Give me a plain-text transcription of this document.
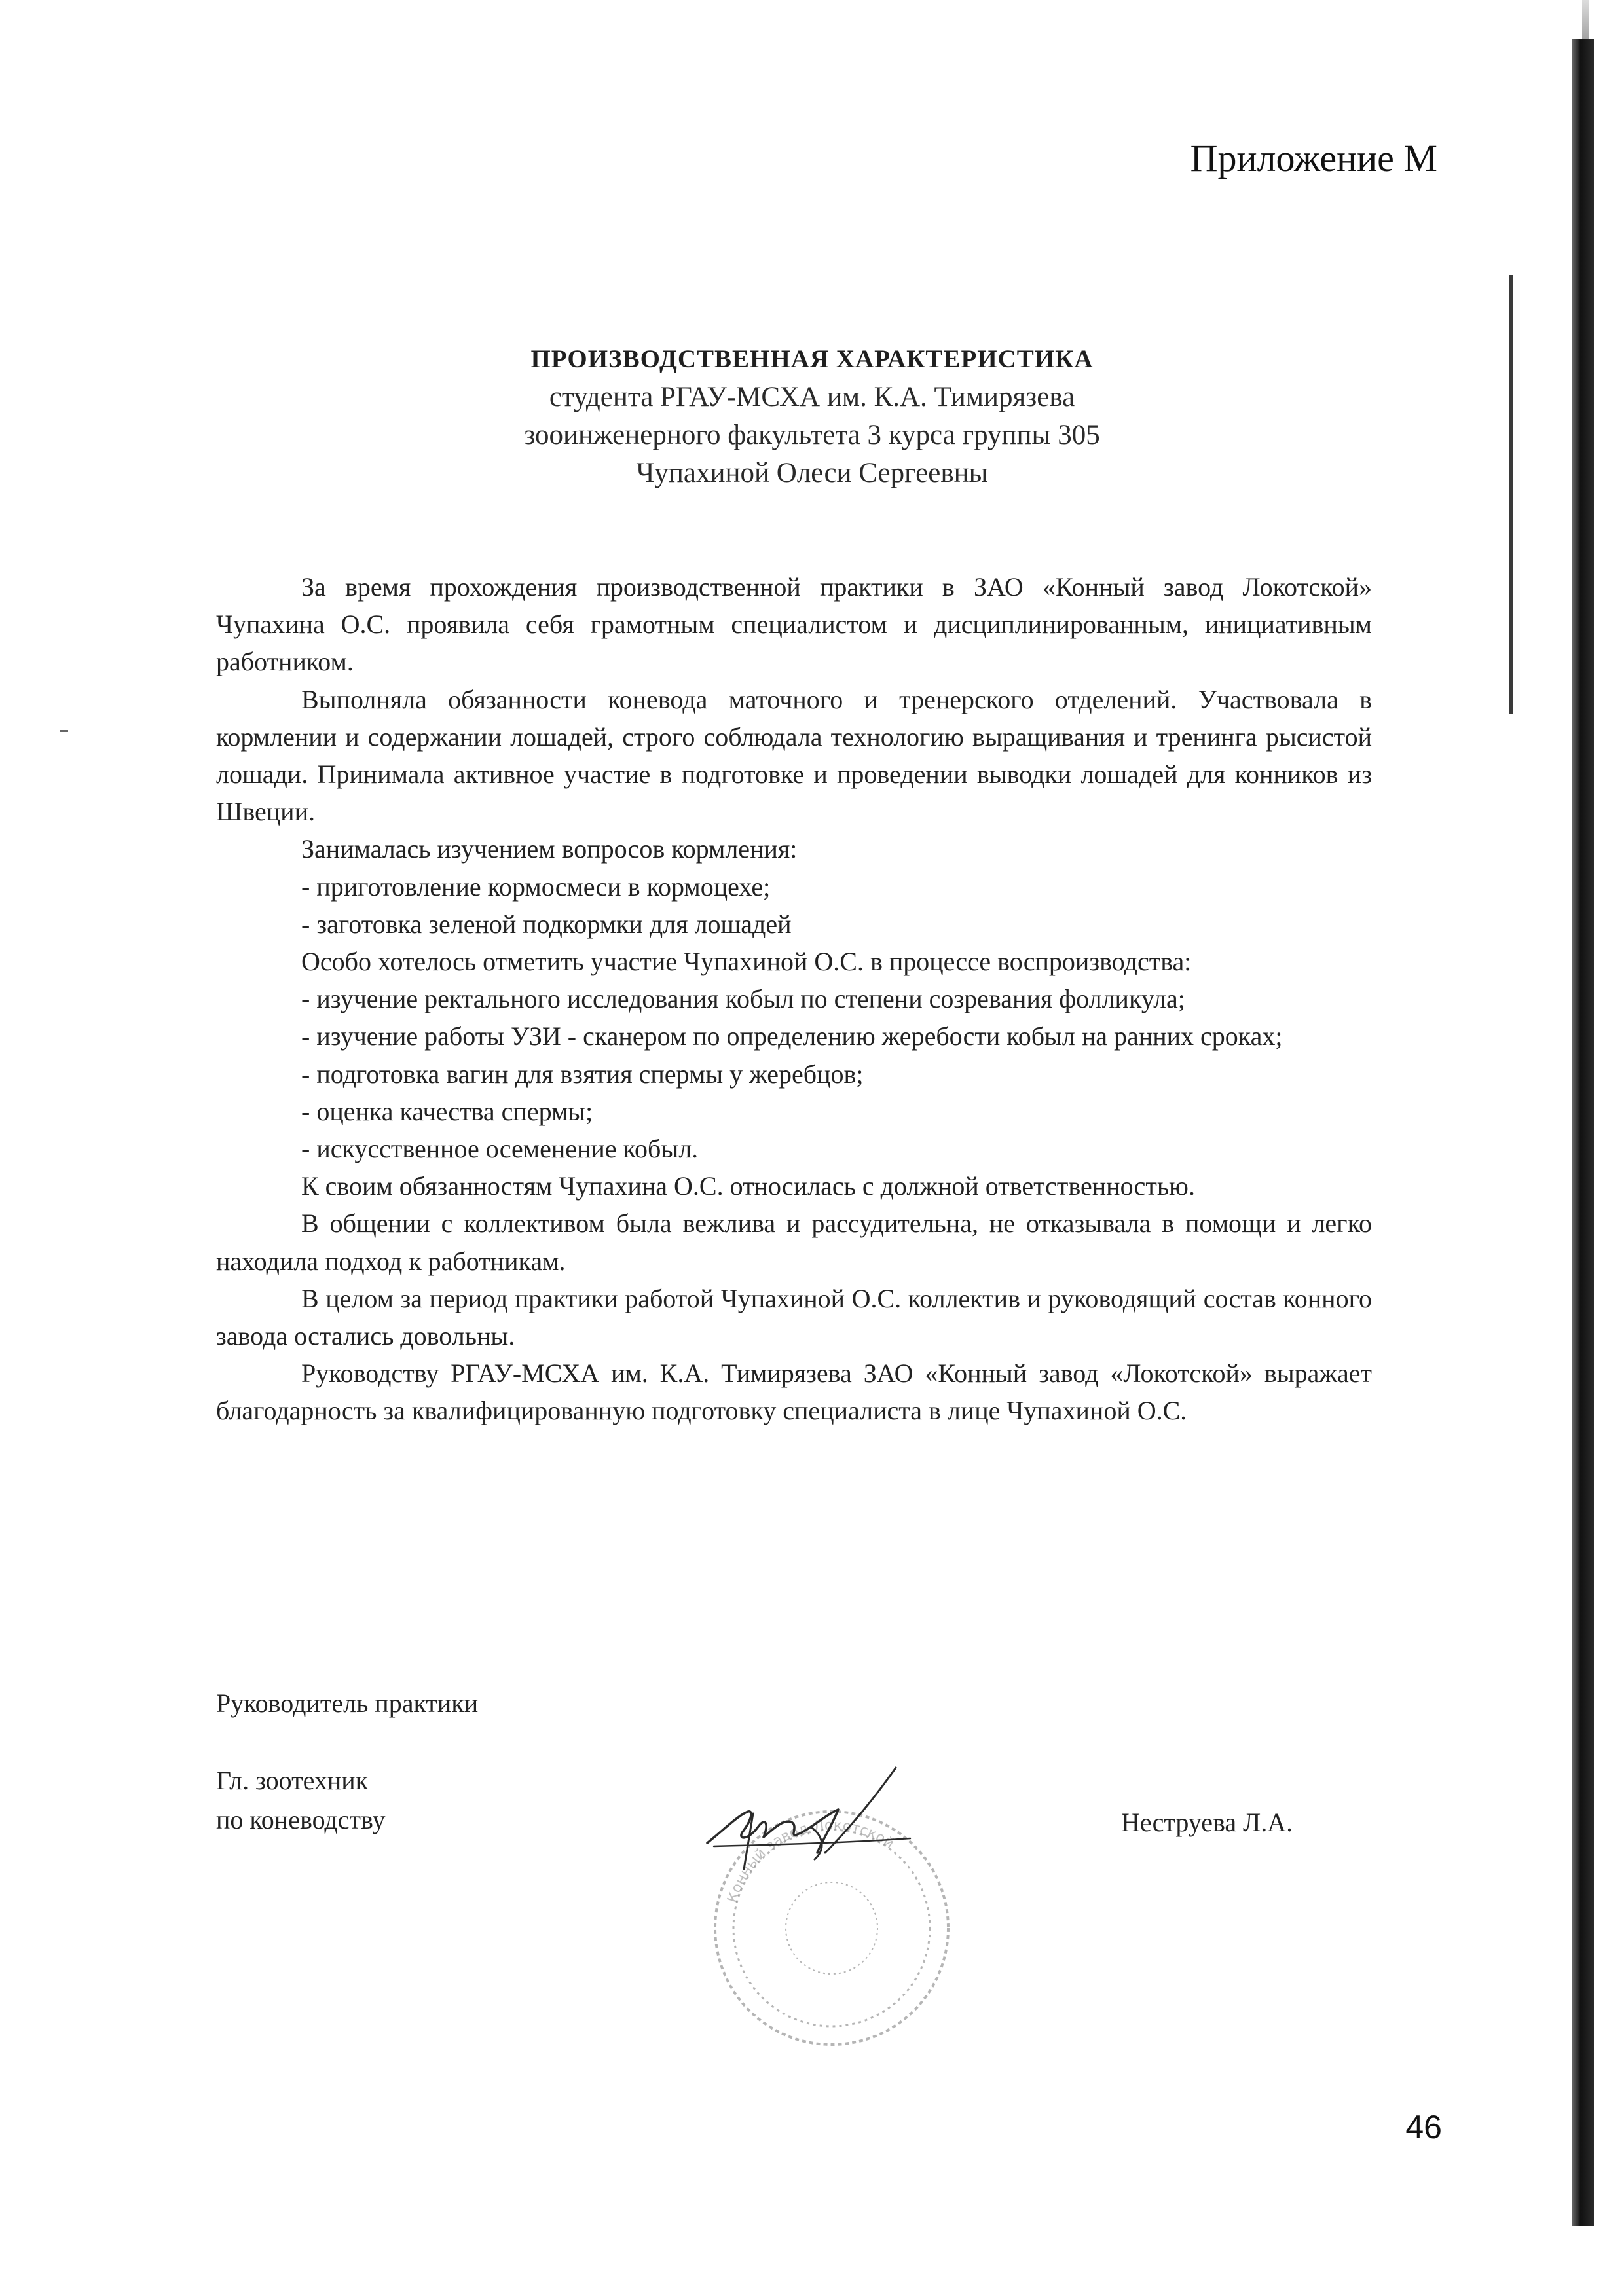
Приложение М
ПРОИЗВОДСТВЕННАЯ ХАРАКТЕРИСТИКА
студента РГАУ-МСХА им. К.А. Тимирязева
зооинженерного факультета 3 курса группы 305
Чупахиной Олеси Сергеевны

За время прохождения производственной практики в ЗАО «Конный завод Локотской» Чупахина О.С. проявила себя грамотным специалистом и дисциплинированным, инициативным работником.

Выполняла обязанности коневода маточного и тренерского отделений. Участвовала в кормлении и содержании лошадей, строго соблюдала технологию выращивания и тренинга рысистой лошади. Принимала активное участие в подготовке и проведении выводки лошадей для конников из Швеции.

Занималась изучением вопросов кормления:

- приготовление кормосмеси в кормоцехе;

- заготовка зеленой подкормки для лошадей

Особо хотелось отметить участие Чупахиной О.С. в процессе воспроизводства:

- изучение ректального исследования кобыл по степени созревания фолликула;

- изучение работы УЗИ - сканером по определению жеребости кобыл на ранних сроках;

- подготовка вагин для взятия спермы у жеребцов;

- оценка качества спермы;

- искусственное осеменение кобыл.

К своим обязанностям Чупахина О.С. относилась с должной ответственностью.

В общении с коллективом была вежлива и рассудительна, не отказывала в помощи и легко находила подход к работникам.

В целом за период практики работой Чупахиной О.С. коллектив и руководящий состав конного завода остались довольны.

Руководству РГАУ-МСХА им. К.А. Тимирязева ЗАО «Конный завод «Локотской» выражает благодарность за квалифицированную подготовку специалиста в лице Чупахиной О.С.

Руководитель практики
Гл. зоотехник
по коневодству	Неструева Л.А.
Конный завод Локотской
46
